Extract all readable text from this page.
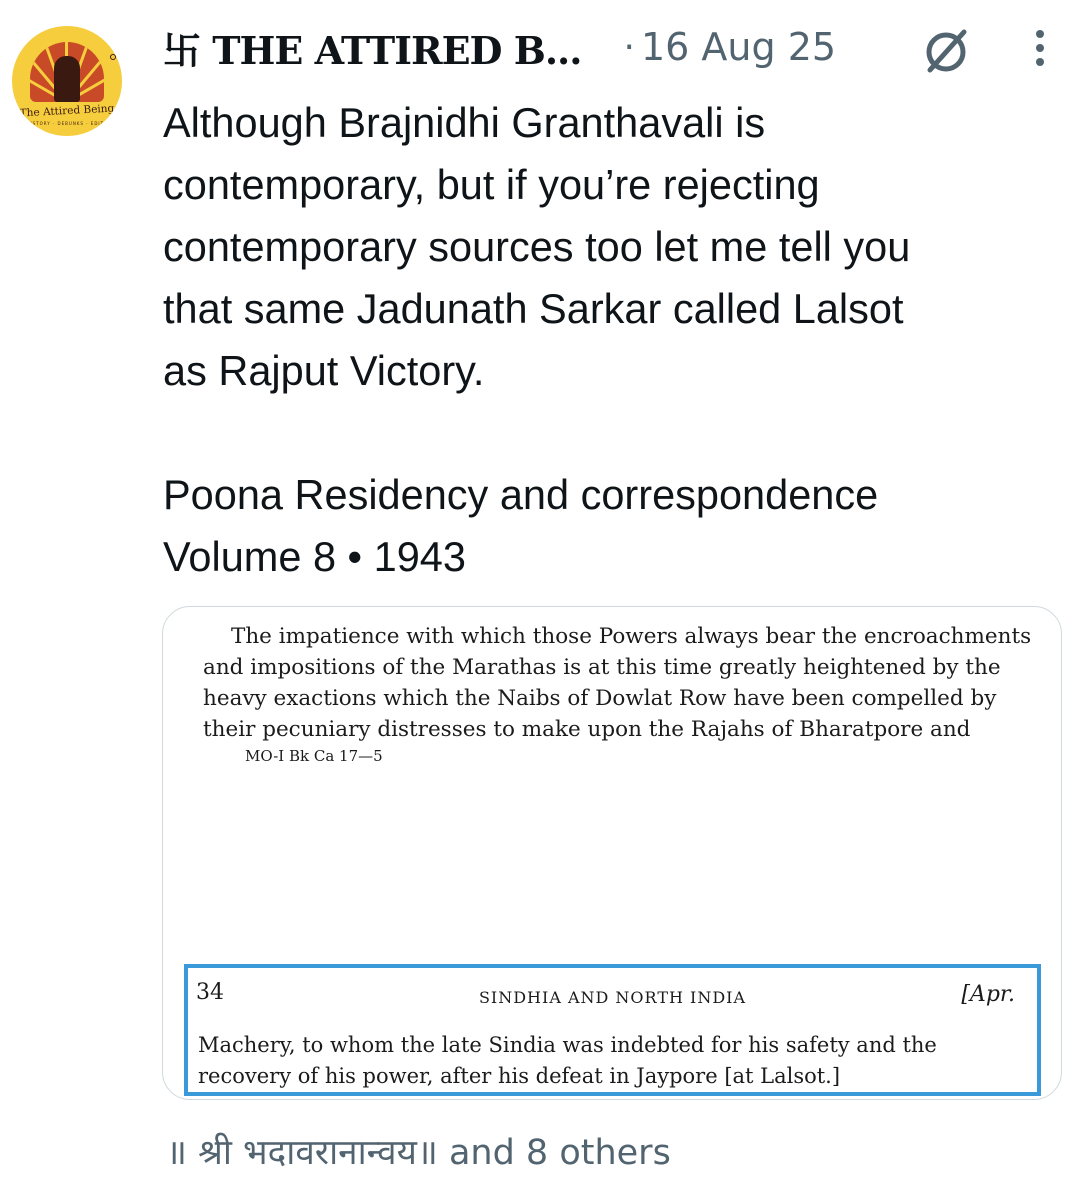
The Attired Being
HISTORY · DEBUNKS · EDITS
卐 THE ATTIRED B... · 16 Aug 25

Although Brajnidhi Granthavali is
contemporary, but if you’re rejecting
contemporary sources too let me tell you
that same Jadunath Sarkar called Lalsot
as Rajput Victory.

Poona Residency and correspondence
Volume 8 • 1943

The impatience with which those Powers always bear the encroachments

and impositions of the Marathas is at this time greatly heightened by the

heavy exactions which the Naibs of Dowlat Row have been compelled by

their pecuniary distresses to make upon the Rajahs of Bharatpore and

MO-I Bk Ca 17—5
34	SINDHIA AND NORTH INDIA	[Apr.

Machery, to whom the late Sindia was indebted for his safety and the

recovery of his power, after his defeat in Jaypore [at Lalsot.]

॥ श्री भदावरानान्वय॥ and 8 others
